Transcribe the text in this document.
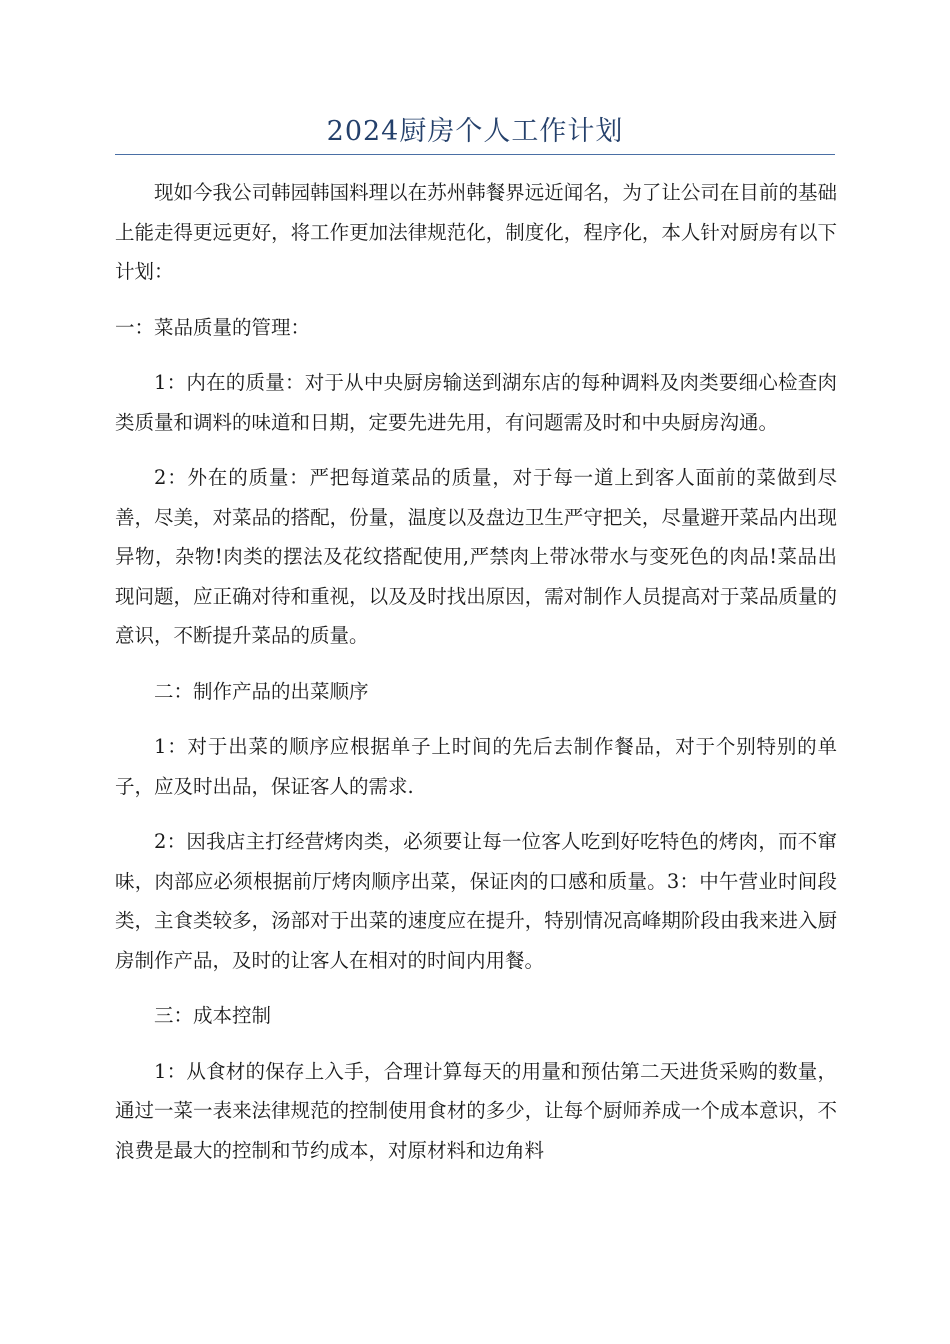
2024厨房个人工作计划

现如今我公司韩园韩国料理以在苏州韩餐界远近闻名，为了让公司在目前的基础上能走得更远更好，将工作更加法律规范化，制度化，程序化，本人针对厨房有以下计划：

一：菜品质量的管理：

1：内在的质量：对于从中央厨房输送到湖东店的每种调料及肉类要细心检查肉类质量和调料的味道和日期，定要先进先用，有问题需及时和中央厨房沟通。

2：外在的质量：严把每道菜品的质量，对于每一道上到客人面前的菜做到尽善，尽美，对菜品的搭配，份量，温度以及盘边卫生严守把关，尽量避开菜品内出现异物，杂物!肉类的摆法及花纹搭配使用,严禁肉上带冰带水与变死色的肉品!菜品出现问题，应正确对待和重视，以及及时找出原因，需对制作人员提高对于菜品质量的意识，不断提升菜品的质量。

二：制作产品的出菜顺序

1：对于出菜的顺序应根据单子上时间的先后去制作餐品，对于个别特别的单子，应及时出品，保证客人的需求.

2：因我店主打经营烤肉类，必须要让每一位客人吃到好吃特色的烤肉，而不窜味，肉部应必须根据前厅烤肉顺序出菜，保证肉的口感和质量。3：中午营业时间段类，主食类较多，汤部对于出菜的速度应在提升，特别情况高峰期阶段由我来进入厨房制作产品，及时的让客人在相对的时间内用餐。

三：成本控制

1：从食材的保存上入手，合理计算每天的用量和预估第二天进货采购的数量，通过一菜一表来法律规范的控制使用食材的多少，让每个厨师养成一个成本意识，不浪费是最大的控制和节约成本，对原材料和边角料
